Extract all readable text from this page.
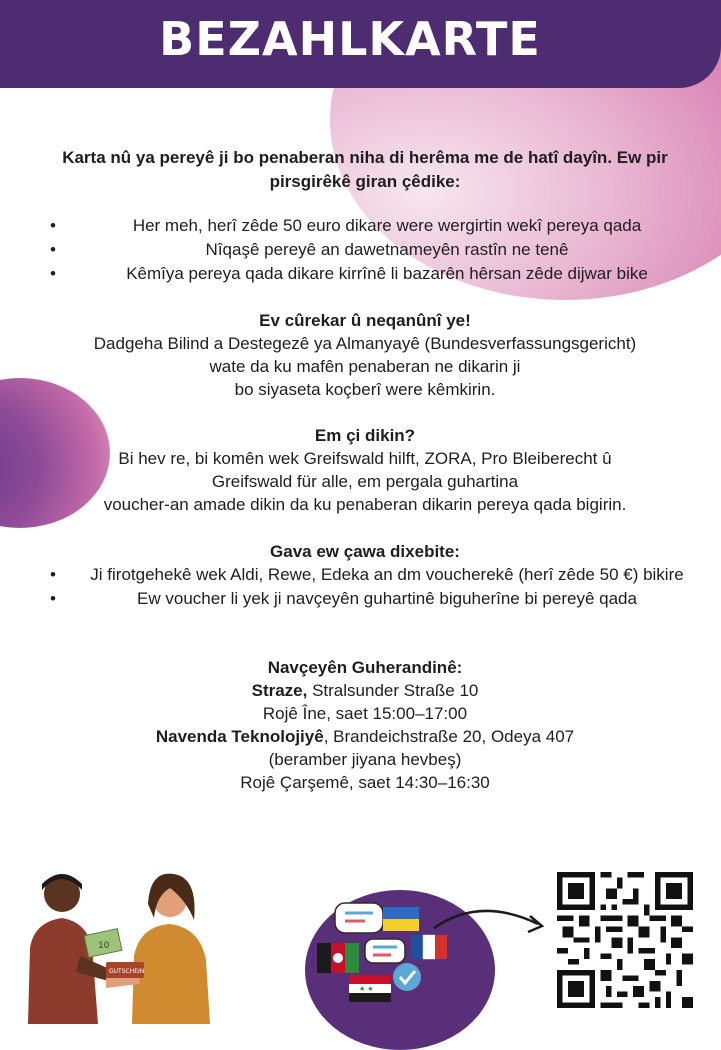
BEZAHLKARTE
Karta nû ya pereyê ji bo penaberan niha di herêma me de hatî dayîn. Ew pir pirsgirêkê giran çêdike:
•	Her meh, herî zêde 50 euro dikare were wergirtin wekî pereya qada
•	Nîqaşê pereyê an dawetnameyên rastîn ne tenê
•	Kêmîya pereya qada dikare kirrînê li bazarên hêrsan zêde dijwar bike
Ev cûrekar û neqanûnî ye!
Dadgeha Bilind a Destegezê ya Almanyayê (Bundesverfassungsgericht)
wate da ku mafên penaberan ne dikarin ji
bo siyaseta koçberî were kêmkirin.
Em çi dikin?
Bi hev re, bi komên wek Greifswald hilft, ZORA, Pro Bleiberecht û
Greifswald für alle, em pergala guhartina
voucher-an amade dikin da ku penaberan dikarin pereya qada bigirin.
Gava ew çawa dixebite:
• Ji firotgehekê wek Aldi, Rewe, Edeka an dm voucherekê (herî zêde 50 €) bikire
•	Ew voucher li yek ji navçeyên guhartinê biguherîne bi pereyê qada
Navçeyên Guherandinê:
Straze, Stralsunder Straße 10
Rojê Îne, saet 15:00–17:00
Navenda Teknolojiyê, Brandeichstraße 20, Odeya 407
(beramber jiyana hevbeş)
Rojê Çarşemê, saet 14:30–16:30
10
GUTSCHEIN
★ ★
